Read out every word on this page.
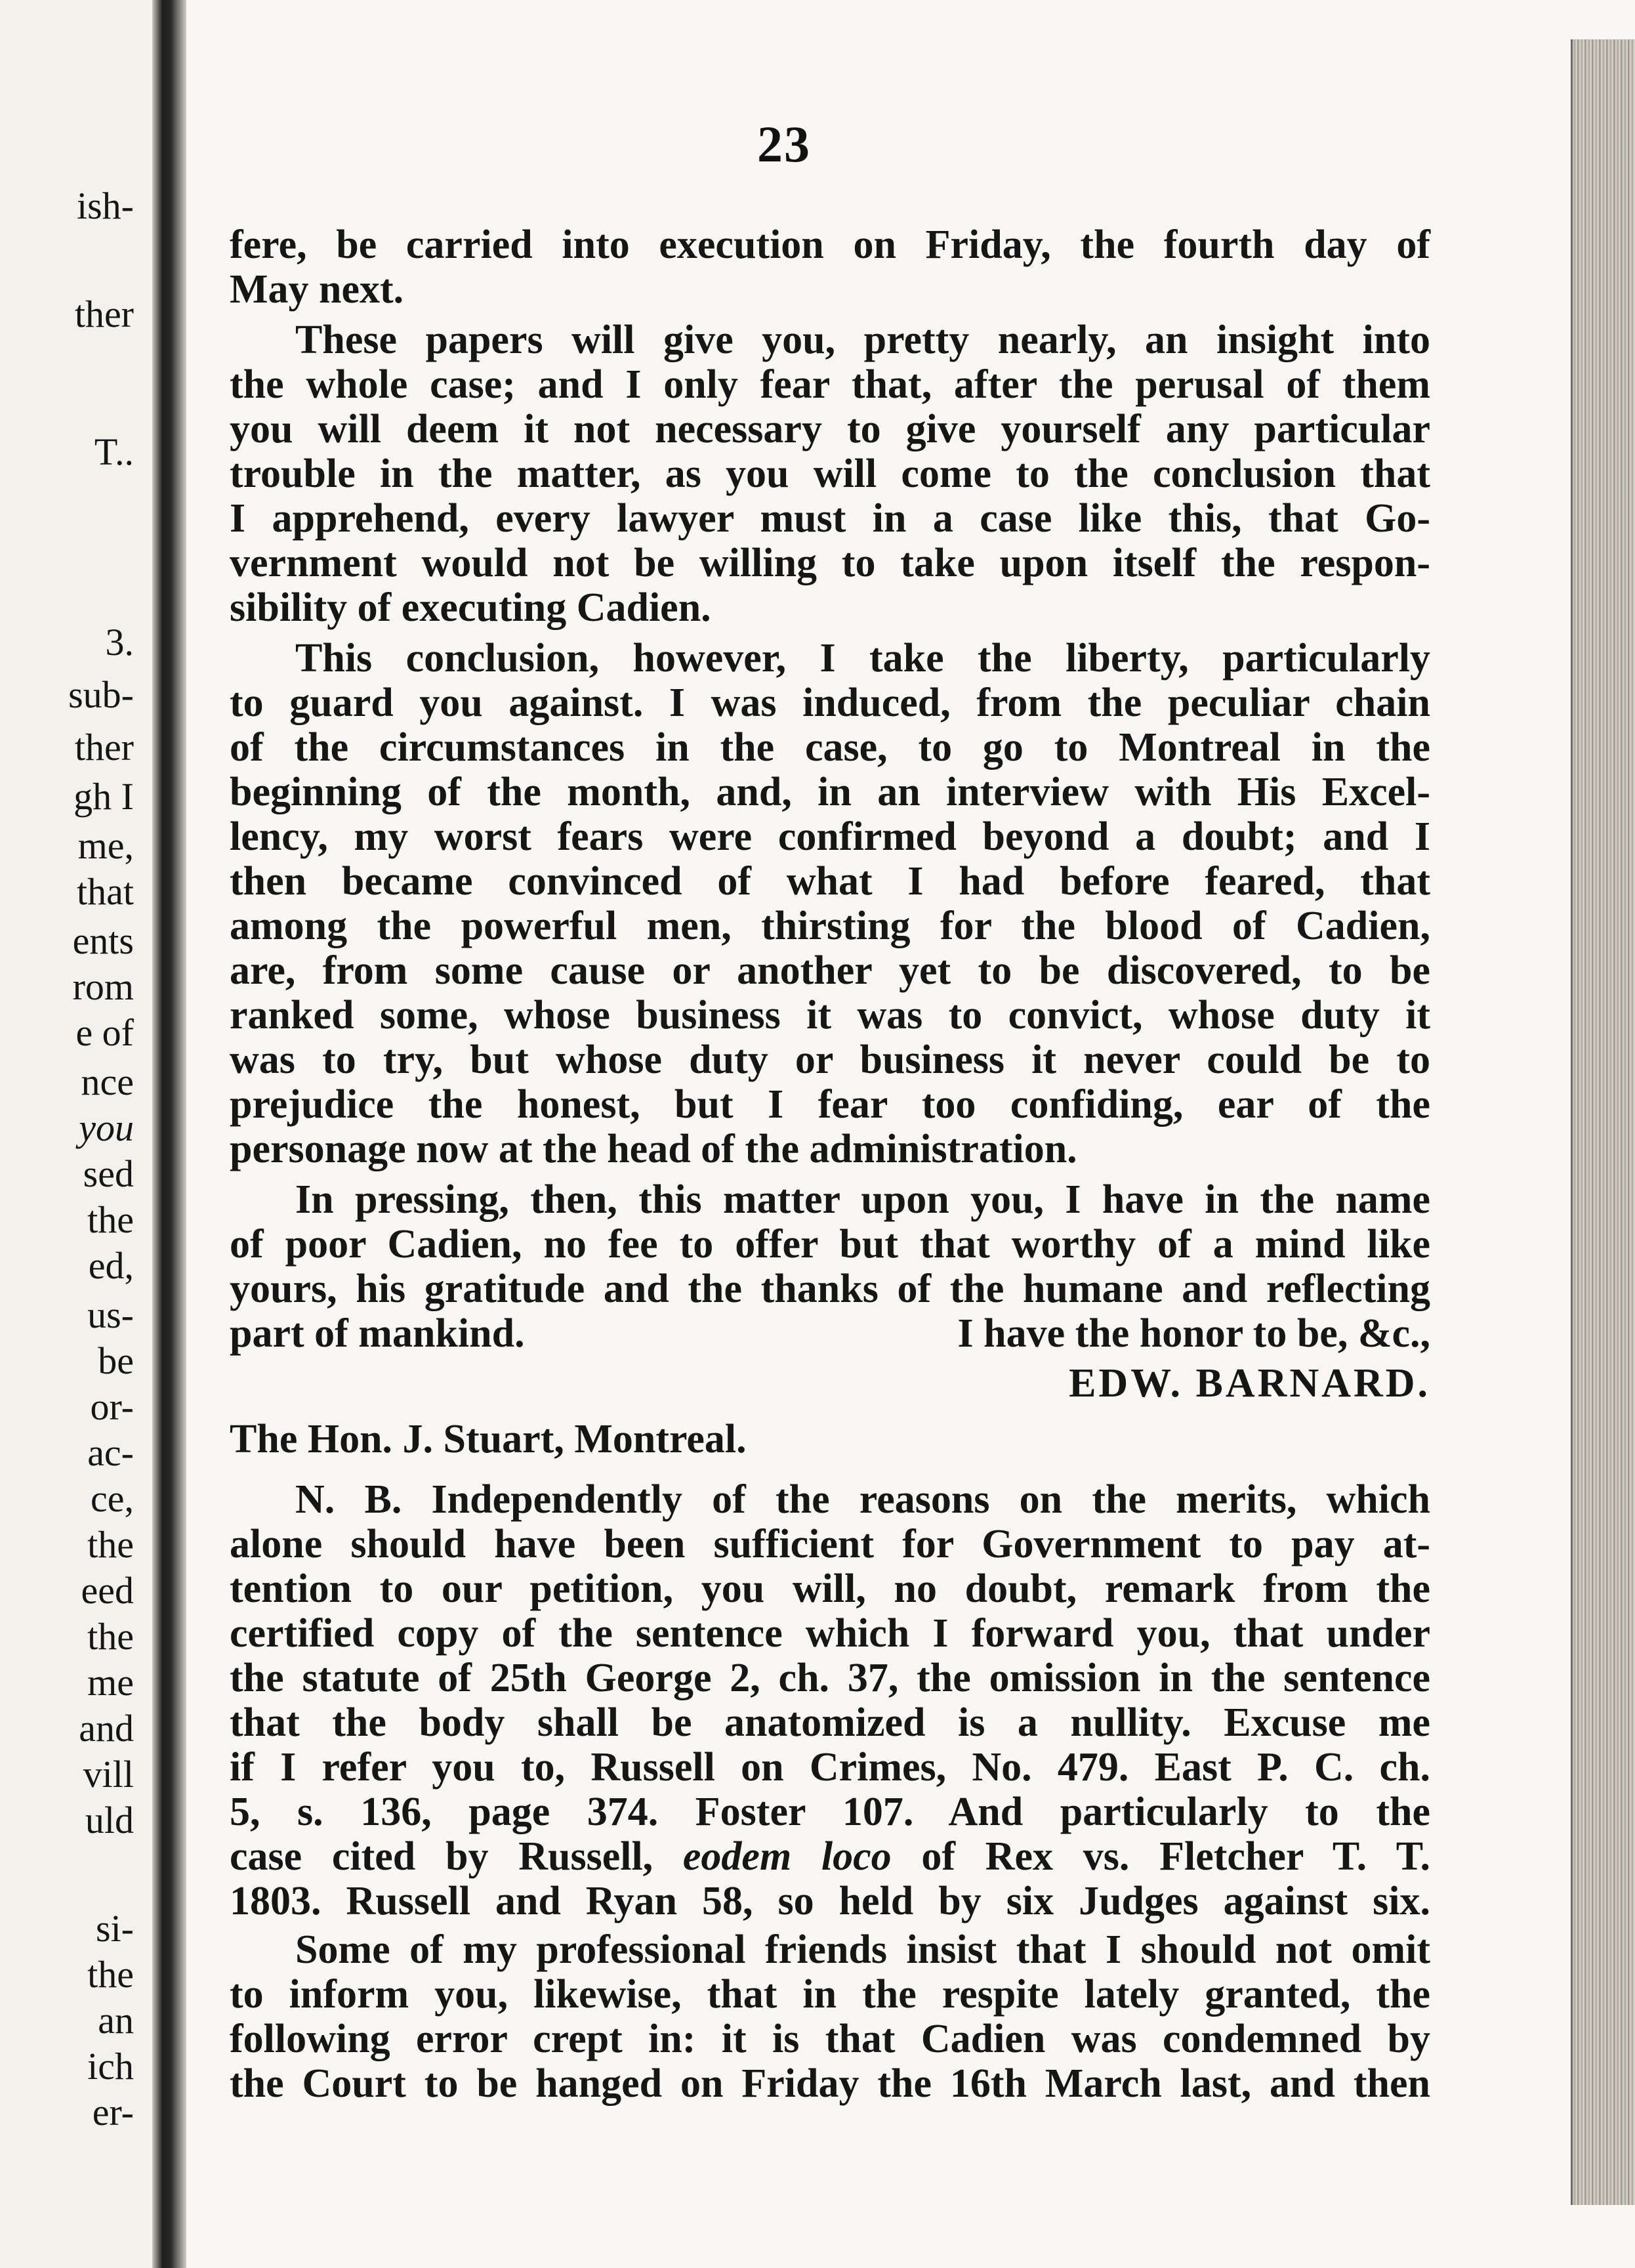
ish-
ther
T..
3.
sub-
ther
gh I
me,
that
ents
rom
e of
nce
you
sed
the
ed,
us-
be
or-
ac-
ce,
the
eed
the
me
and
vill
uld
si-
the
an
ich
er-
23
fere, be carried into execution on Friday, the fourth day of
May next.
These papers will give you, pretty nearly, an insight into
the whole case; and I only fear that, after the perusal of them
you will deem it not necessary to give yourself any particular
trouble in the matter, as you will come to the conclusion that
I apprehend, every lawyer must in a case like this, that Go-
vernment would not be willing to take upon itself the respon-
sibility of executing Cadien.
This conclusion, however, I take the liberty, particularly
to guard you against. I was induced, from the peculiar chain
of the circumstances in the case, to go to Montreal in the
beginning of the month, and, in an interview with His Excel-
lency, my worst fears were confirmed beyond a doubt; and I
then became convinced of what I had before feared, that
among the powerful men, thirsting for the blood of Cadien,
are, from some cause or another yet to be discovered, to be
ranked some, whose business it was to convict, whose duty it
was to try, but whose duty or business it never could be to
prejudice the honest, but I fear too confiding, ear of the
personage now at the head of the administration.
In pressing, then, this matter upon you, I have in the name
of poor Cadien, no fee to offer but that worthy of a mind like
yours, his gratitude and the thanks of the humane and reflecting
part of mankind.	I have the honor to be, &c.,
EDW. BARNARD.
The Hon. J. Stuart, Montreal.
N. B. Independently of the reasons on the merits, which
alone should have been sufficient for Government to pay at-
tention to our petition, you will, no doubt, remark from the
certified copy of the sentence which I forward you, that under
the statute of 25th George 2, ch. 37, the omission in the sentence
that the body shall be anatomized is a nullity. Excuse me
if I refer you to, Russell on Crimes, No. 479. East P. C. ch.
5, s. 136, page 374. Foster 107. And particularly to the
case cited by Russell, eodem loco of Rex vs. Fletcher T. T.
1803. Russell and Ryan 58, so held by six Judges against six.
Some of my professional friends insist that I should not omit
to inform you, likewise, that in the respite lately granted, the
following error crept in: it is that Cadien was condemned by
the Court to be hanged on Friday the 16th March last, and then
